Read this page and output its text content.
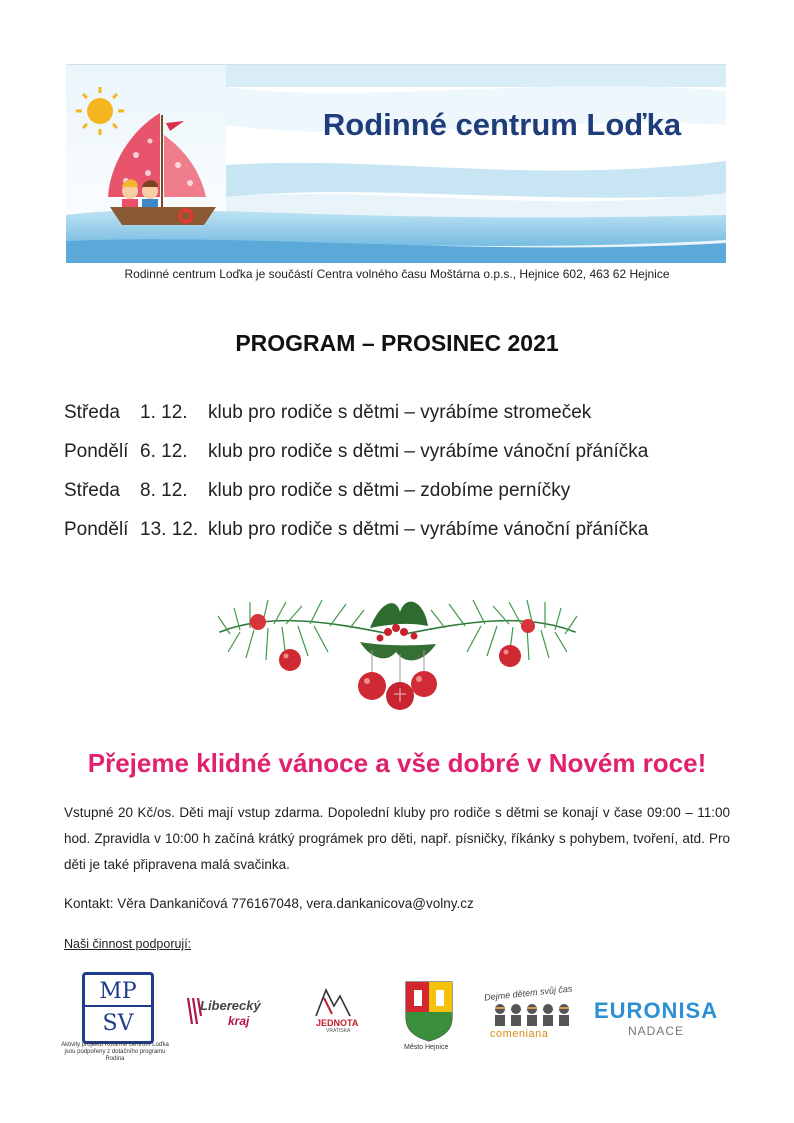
Rodinné centrum Loďka
Rodinné centrum Loďka je součástí Centra volného času Moštárna o.p.s., Hejnice 602, 463 62 Hejnice
PROGRAM – PROSINEC 2021
Středa 1. 12. klub pro rodiče s dětmi – vyrábíme stromeček
Pondělí 6. 12. klub pro rodiče s dětmi – vyrábíme vánoční přáníčka
Středa 8. 12. klub pro rodiče s dětmi – zdobíme perníčky
Pondělí 13. 12. klub pro rodiče s dětmi – vyrábíme vánoční přáníčka
Přejeme klidné vánoce a vše dobré v Novém roce!
Vstupné 20 Kč/os. Děti mají vstup zdarma. Dopolední kluby pro rodiče s dětmi se konají v čase 09:00 – 11:00 hod. Zpravidla v 10:00 h začíná krátký prográmek pro děti, např. písničky, říkánky s pohybem, tvoření, atd. Pro děti je také připravena malá svačinka.
Kontakt: Věra Dankaničová 776167048, vera.dankanicova@volny.cz
Naši činnost podporují:
MP
SV
Aktivity projektu Rodinné centrum Loďka jsou podpořeny z dotačního programu Rodina
Liberecký
kraj	JEDNOTA
VRATISKA
Město Hejnice
Dejme dětem svůj čas
comeniana
EURONISA
NADACE
